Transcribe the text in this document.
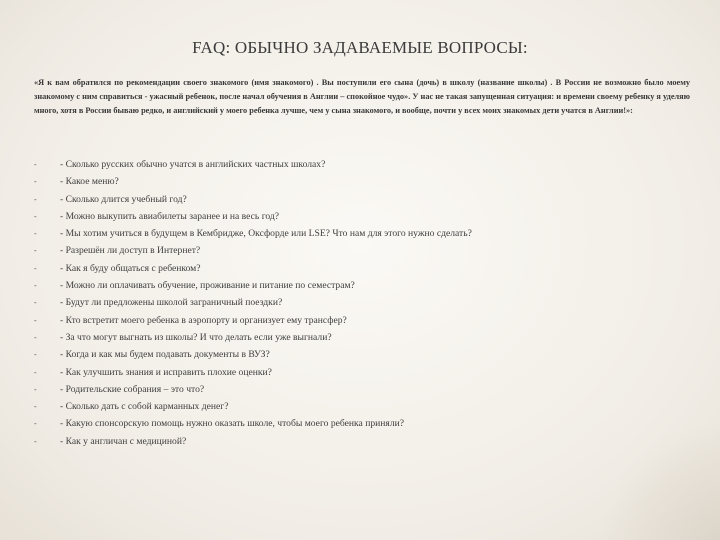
FAQ: ОБЫЧНО ЗАДАВАЕМЫЕ ВОПРОСЫ:
«Я к вам обратился по рекомендации своего знакомого (имя знакомого) . Вы поступили его сына (дочь) в школу (название школы) . В России не возможно было моему знакомому с ним справиться - ужасный ребенок, после начал обучения в Англии – спокойное чудо». У нас не такая запущенная ситуация: и времени своему ребенку я уделяю много, хотя в России бываю редко, и английский у моего ребенка лучше, чем у сына знакомого, и вообще, почти у всех моих знакомых дети учатся в Англии!»:
- - Сколько русских обычно учатся в английских частных школах?
- - Какое меню?
- - Сколько длится учебный год?
- - Можно выкупить авиабилеты заранее и на весь год?
- - Мы хотим учиться в будущем в Кембридже, Оксфорде или LSE? Что нам для этого нужно сделать?
- - Разрешён ли доступ в Интернет?
- - Как я буду общаться с ребенком?
- - Можно ли оплачивать обучение, проживание и питание по семестрам?
- - Будут ли предложены школой заграничный поездки?
- - Кто встретит моего ребенка в аэропорту и организует ему трансфер?
- - За что могут выгнать из школы? И что делать если уже выгнали?
- - Когда и как мы будем подавать документы в ВУЗ?
- - Как улучшить знания и исправить плохие оценки?
- - Родительские собрания – это что?
- - Сколько дать с собой карманных денег?
- - Какую спонсорскую помощь нужно оказать школе, чтобы моего ребенка приняли?
- - Как у англичан с медициной?
